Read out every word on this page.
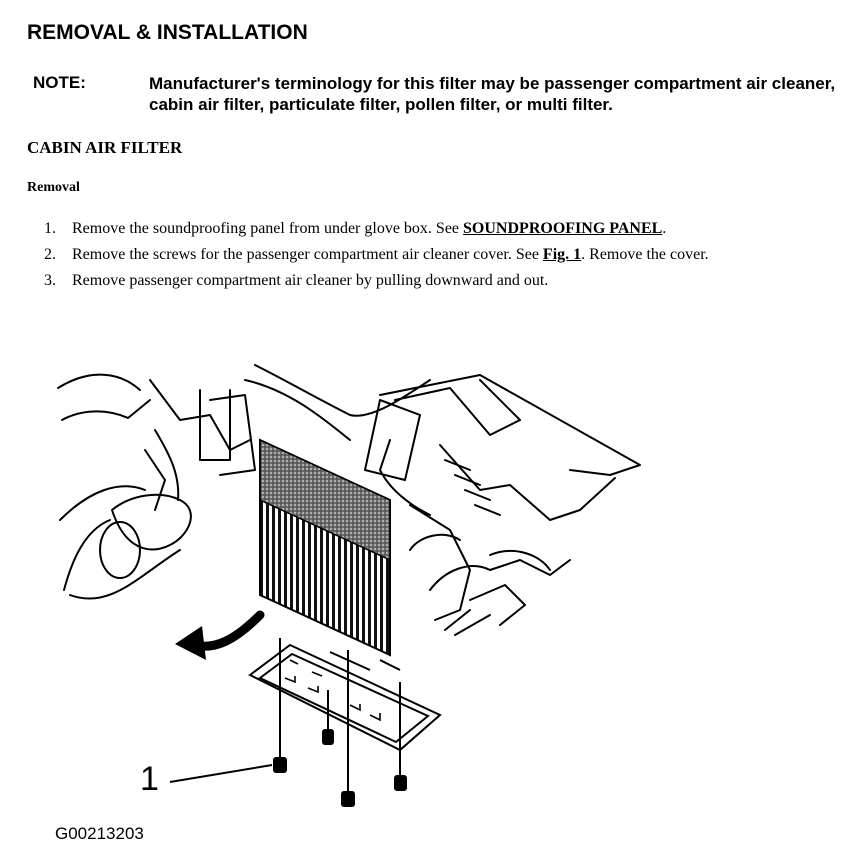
REMOVAL & INSTALLATION
NOTE:	Manufacturer's terminology for this filter may be passenger compartment air cleaner, cabin air filter, particulate filter, pollen filter, or multi filter.
CABIN AIR FILTER
Removal
1. Remove the soundproofing panel from under glove box. See SOUNDPROOFING PANEL.
2. Remove the screws for the passenger compartment air cleaner cover. See Fig. 1. Remove the cover.
3. Remove passenger compartment air cleaner by pulling downward and out.
1
G00213203
